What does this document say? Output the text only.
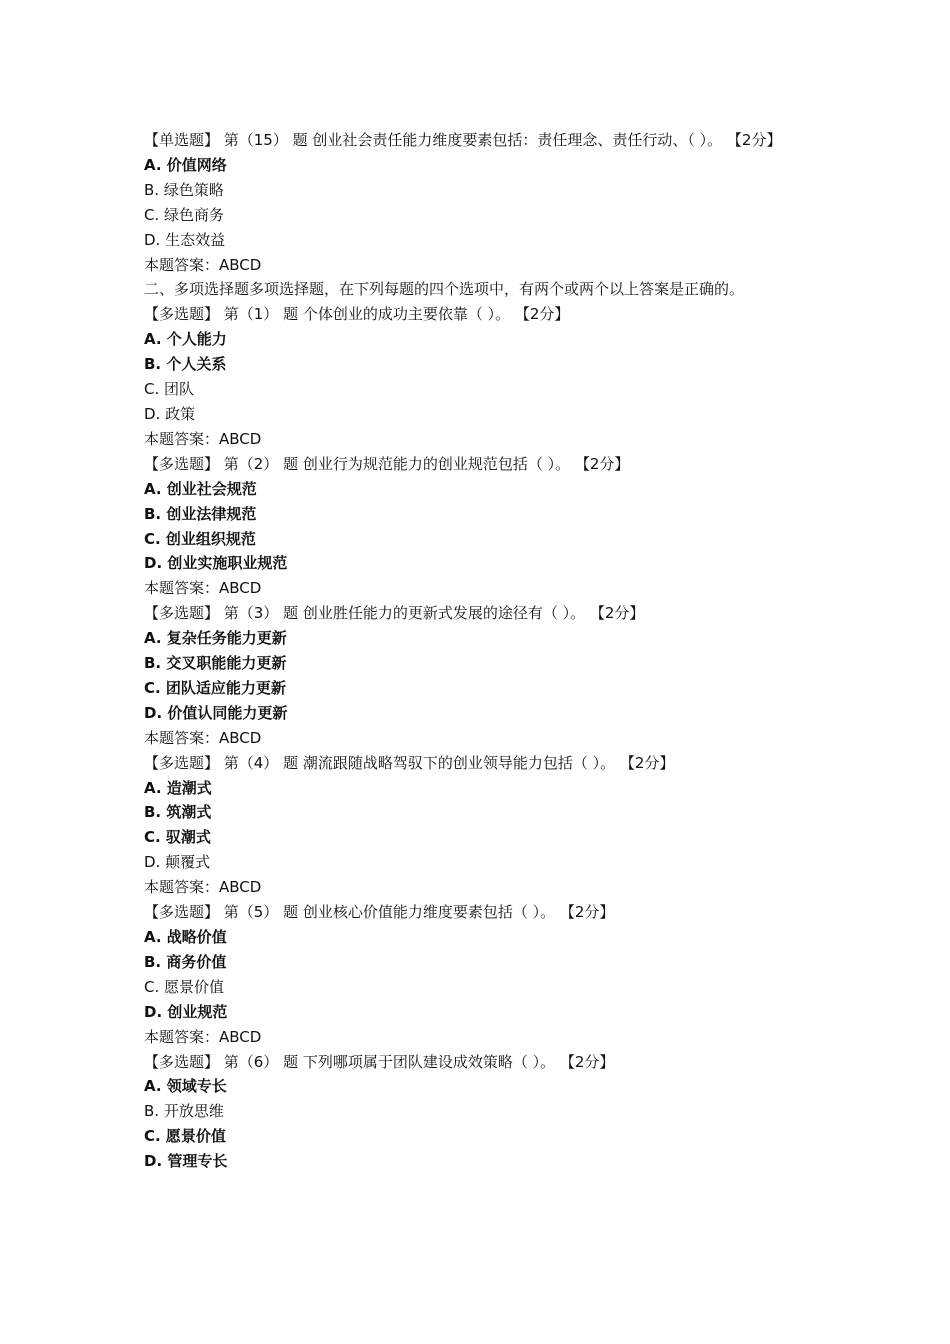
【单选题】 第（15） 题 创业社会责任能力维度要素包括：责任理念、责任行动、（ ）。 【2分】
A. 价值网络
B. 绿色策略
C. 绿色商务
D. 生态效益
本题答案：ABCD
二、多项选择题多项选择题，在下列每题的四个选项中，有两个或两个以上答案是正确的。
【多选题】 第（1） 题 个体创业的成功主要依靠（ ）。 【2分】
A. 个人能力
B. 个人关系
C. 团队
D. 政策
本题答案：ABCD
【多选题】 第（2） 题 创业行为规范能力的创业规范包括（ ）。 【2分】
A. 创业社会规范
B. 创业法律规范
C. 创业组织规范
D. 创业实施职业规范
本题答案：ABCD
【多选题】 第（3） 题 创业胜任能力的更新式发展的途径有（ ）。 【2分】
A. 复杂任务能力更新
B. 交叉职能能力更新
C. 团队适应能力更新
D. 价值认同能力更新
本题答案：ABCD
【多选题】 第（4） 题 潮流跟随战略驾驭下的创业领导能力包括（ ）。 【2分】
A. 造潮式
B. 筑潮式
C. 驭潮式
D. 颠覆式
本题答案：ABCD
【多选题】 第（5） 题 创业核心价值能力维度要素包括（ ）。 【2分】
A. 战略价值
B. 商务价值
C. 愿景价值
D. 创业规范
本题答案：ABCD
【多选题】 第（6） 题 下列哪项属于团队建设成效策略（ ）。 【2分】
A. 领域专长
B. 开放思维
C. 愿景价值
D. 管理专长
